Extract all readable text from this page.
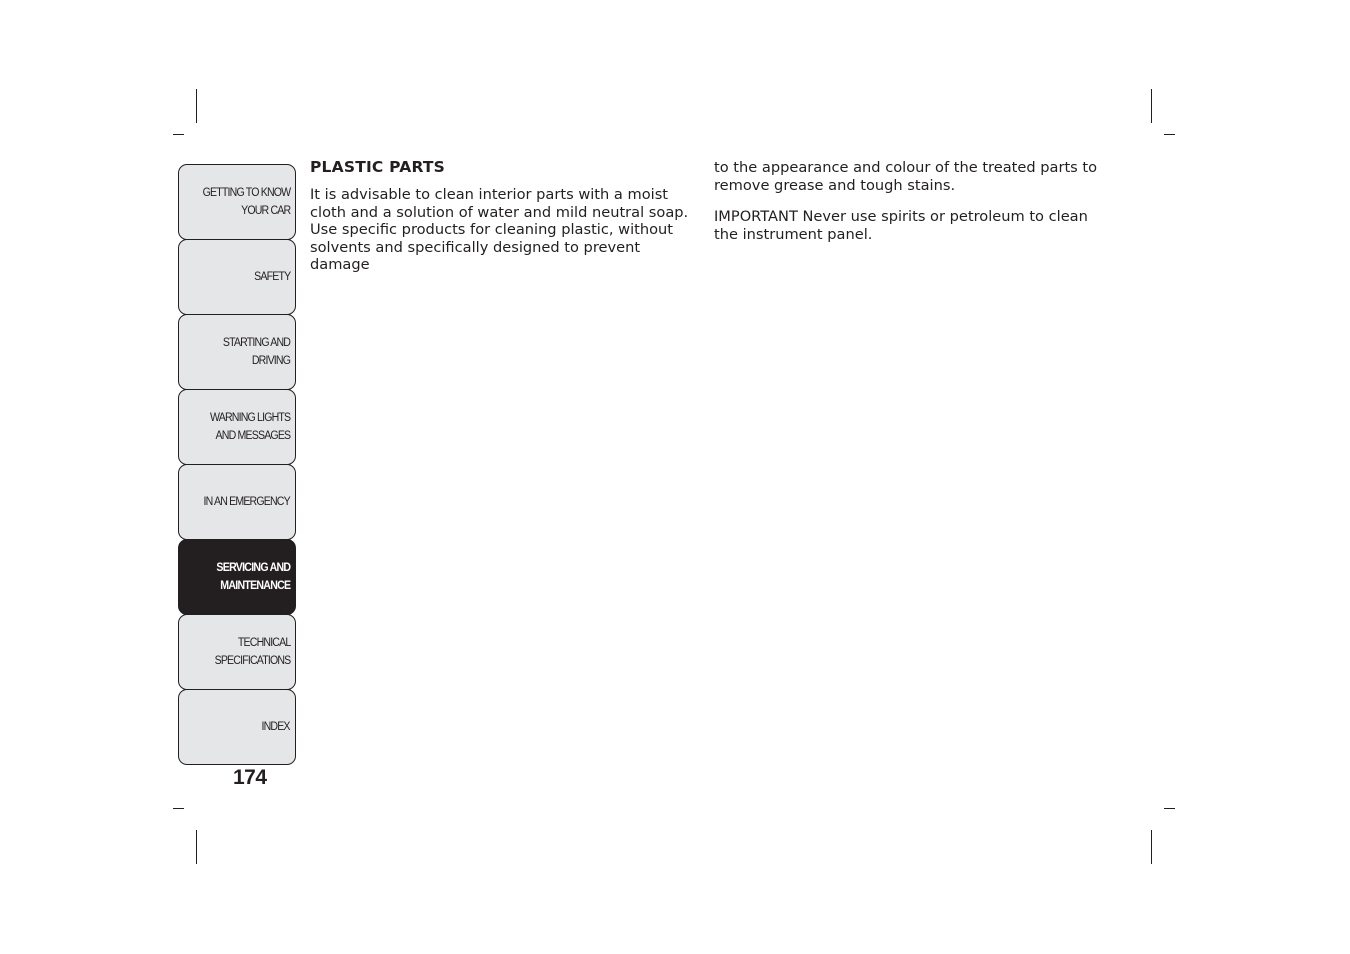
GETTING TO KNOW
YOUR CAR
SAFETY
STARTING AND
DRIVING
WARNING LIGHTS
AND MESSAGES
IN AN EMERGENCY
SERVICING AND
MAINTENANCE
TECHNICAL
SPECIFICATIONS
INDEX
174
PLASTIC PARTS

It is advisable to clean interior parts with a moist cloth and a solution of water and mild neutral soap. Use specific products for cleaning plastic, without solvents and specifically designed to prevent damage

to the appearance and colour of the treated parts to remove grease and tough stains.

IMPORTANT Never use spirits or petroleum to clean the instrument panel.
